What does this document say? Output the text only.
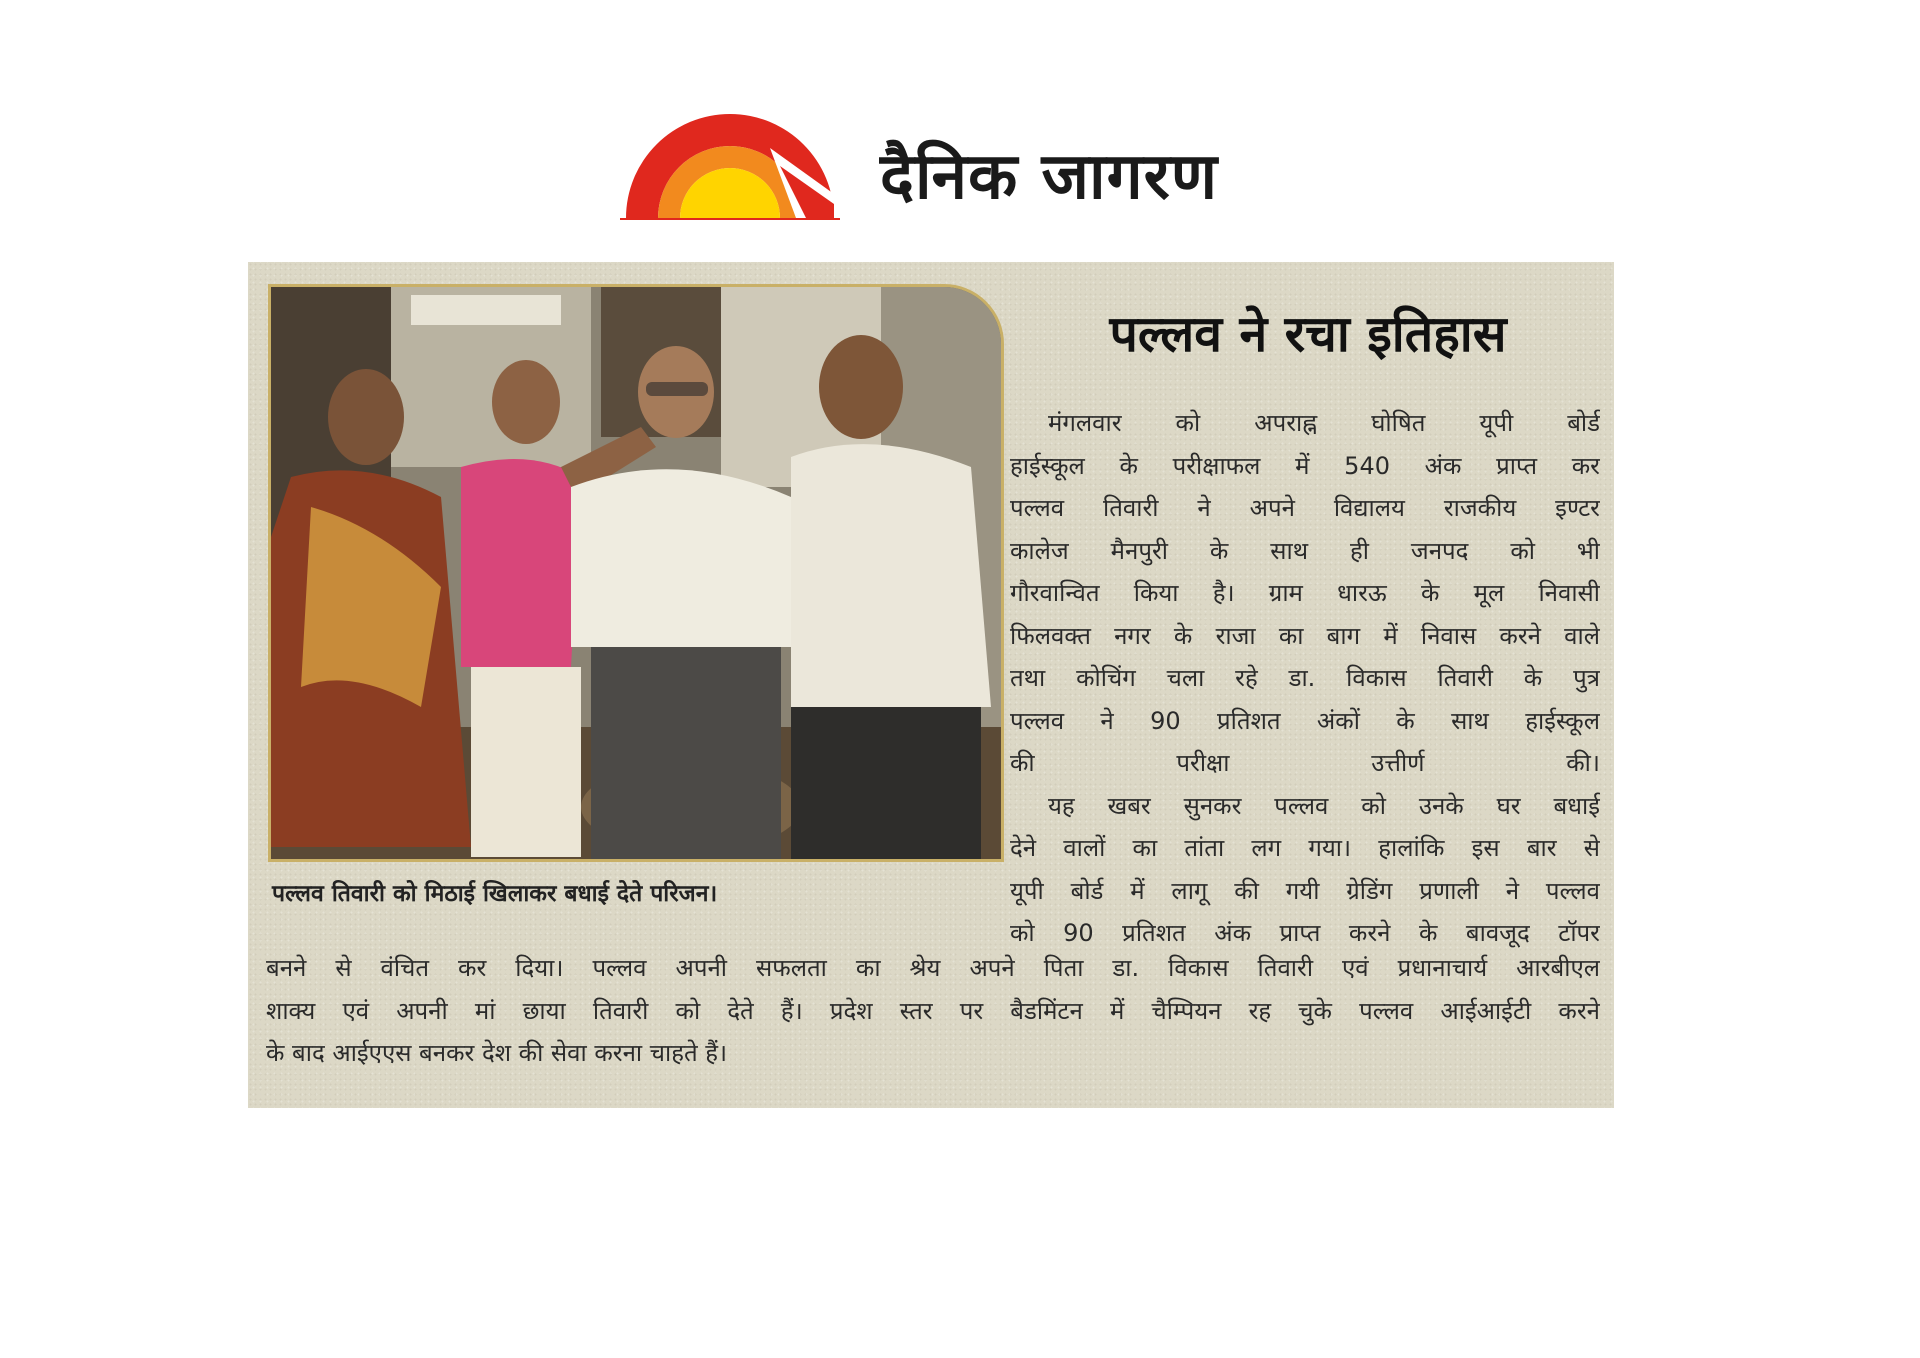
दैनिक जागरण
पल्लव तिवारी को मिठाई खिलाकर बधाई देते परिजन।
पल्लव ने रचा इतिहास
मंगलवार को अपराह्न घोषित यूपी बोर्ड
हाईस्कूल के परीक्षाफल में 540 अंक प्राप्त कर
पल्लव तिवारी ने अपने विद्यालय राजकीय इण्टर
कालेज मैनपुरी के साथ ही जनपद को भी
गौरवान्वित किया है। ग्राम धारऊ के मूल निवासी
फिलवक्त नगर के राजा का बाग में निवास करने वाले
तथा कोचिंग चला रहे डा. विकास तिवारी के पुत्र
पल्लव ने 90 प्रतिशत अंकों के साथ हाईस्कूल
की परीक्षा उत्तीर्ण की।
यह खबर सुनकर पल्लव को उनके घर बधाई
देने वालों का तांता लग गया। हालांकि इस बार से
यूपी बोर्ड में लागू की गयी ग्रेडिंग प्रणाली ने पल्लव
को 90 प्रतिशत अंक प्राप्त करने के बावजूद टॉपर
बनने से वंचित कर दिया। पल्लव अपनी सफलता का श्रेय अपने पिता डा. विकास तिवारी एवं प्रधानाचार्य आरबीएल
शाक्य एवं अपनी मां छाया तिवारी को देते हैं। प्रदेश स्तर पर बैडमिंटन में चैम्पियन रह चुके पल्लव आईआईटी करने
के बाद आईएएस बनकर देश की सेवा करना चाहते हैं।
